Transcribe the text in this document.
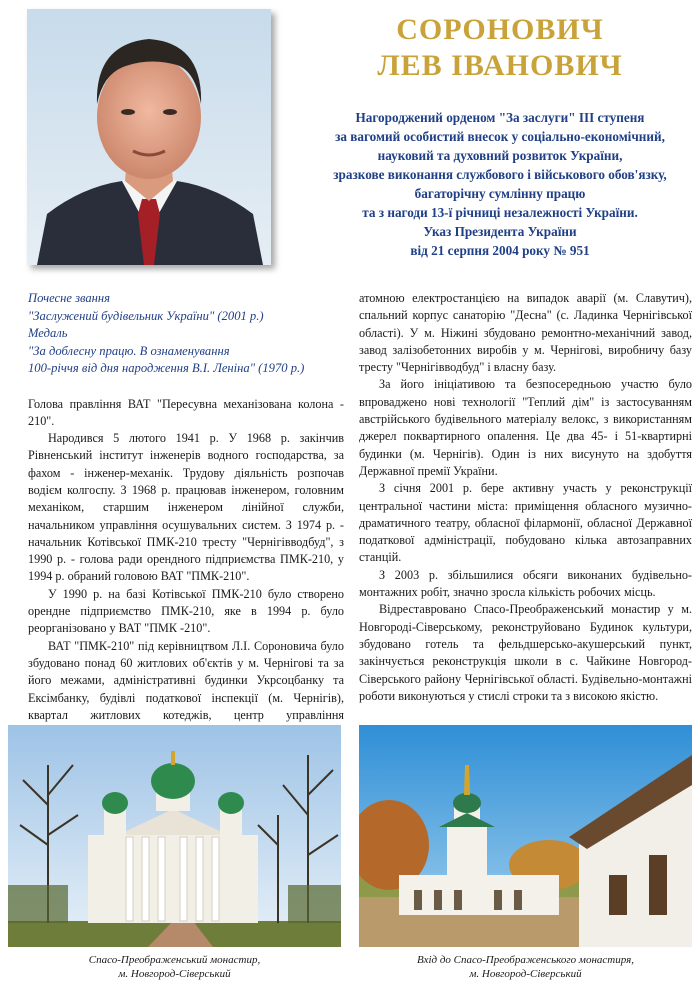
СОРОНОВИЧ
ЛЕВ ІВАНОВИЧ
Нагороджений орденом "За заслуги" ІІІ ступеня
за вагомий особистий внесок у соціально-економічний,
науковий та духовний розвиток України,
зразкове виконання службового і військового обов'язку,
багаторічну сумлінну працю
та з нагоди 13-ї річниці незалежності України.
Указ Президента України
від 21 серпня 2004 року № 951

Почесне звання

"Заслужений будівельник України" (2001 р.)

Медаль

"За доблесну працю. В ознаменування

100-річчя від дня народження В.І. Леніна" (1970 р.)

Голова правління ВАТ "Пересувна механізована колона - 210".

Народився 5 лютого 1941 р. У 1968 р. закінчив Рівненський інститут інженерів водного господарства, за фахом - інженер-механік. Трудову діяльність розпочав водієм колгоспу. З 1968 р. працював інженером, головним механіком, старшим інженером лінійної служби, начальником управління осушувальних систем. З 1974 р. - начальник Котівської ПМК-210 тресту "Чернігівводбуд", з 1990 р. - голова ради орендного підприємства ПМК-210, у 1994 р. обраний головою ВАТ "ПМК-210".

У 1990 р. на базі Котівської ПМК-210 було створено орендне підприємство ПМК-210, яке в 1994 р. було реорганізовано у ВАТ "ПМК -210".

ВАТ "ПМК-210" під керівництвом Л.І. Сороновича було збудовано понад 60 житлових об'єктів у м. Чернігові та за його межами, адміністративні будинки Укрсоцбанку та Ексімбанку, будівлі податкової інспекції (м. Чернігів), квартал житлових котеджів, центр управління

атомною електростанцією на випадок аварії (м. Славутич), спальний корпус санаторію "Десна" (с. Ладинка Чернігівської області). У м. Ніжині збудовано ремонтно-механічний завод, завод залізобетонних виробів у м. Чернігові, виробничу базу тресту "Чернігівводбуд" і власну базу.

За його ініціативою та безпосередньою участю було впроваджено нові технології "Теплий дім" із застосуванням австрійського будівельного матеріалу велокс, з використанням джерел поквартирного опалення. Це два 45- і 51-квартирні будинки (м. Чернігів). Один із них висунуто на здобуття Державної премії України.

З січня 2001 р. бере активну участь у реконструкції центральної частини міста: приміщення обласного музично-драматичного театру, обласної філармонії, обласної Державної податкової адміністрації, побудовано кілька автозаправних станцій.

З 2003 р. збільшилися обсяги виконаних будівельно-монтажних робіт, значно зросла кількість робочих місць.

Відреставровано Спасо-Преображенський монастир у м. Новгороді-Сіверському, реконструйовано Будинок культури, збудовано готель та фельдшерсько-акушерський пункт, закінчується реконструкція школи в с. Чайкине Новгород-Сіверського району Чернігівської області. Будівельно-монтажні роботи виконуються у стислі строки та з високою якістю.

Спасо-Преображенський монастир,
м. Новгород-Сіверський
Вхід до Спасо-Преображенського монастиря,
м. Новгород-Сіверський
